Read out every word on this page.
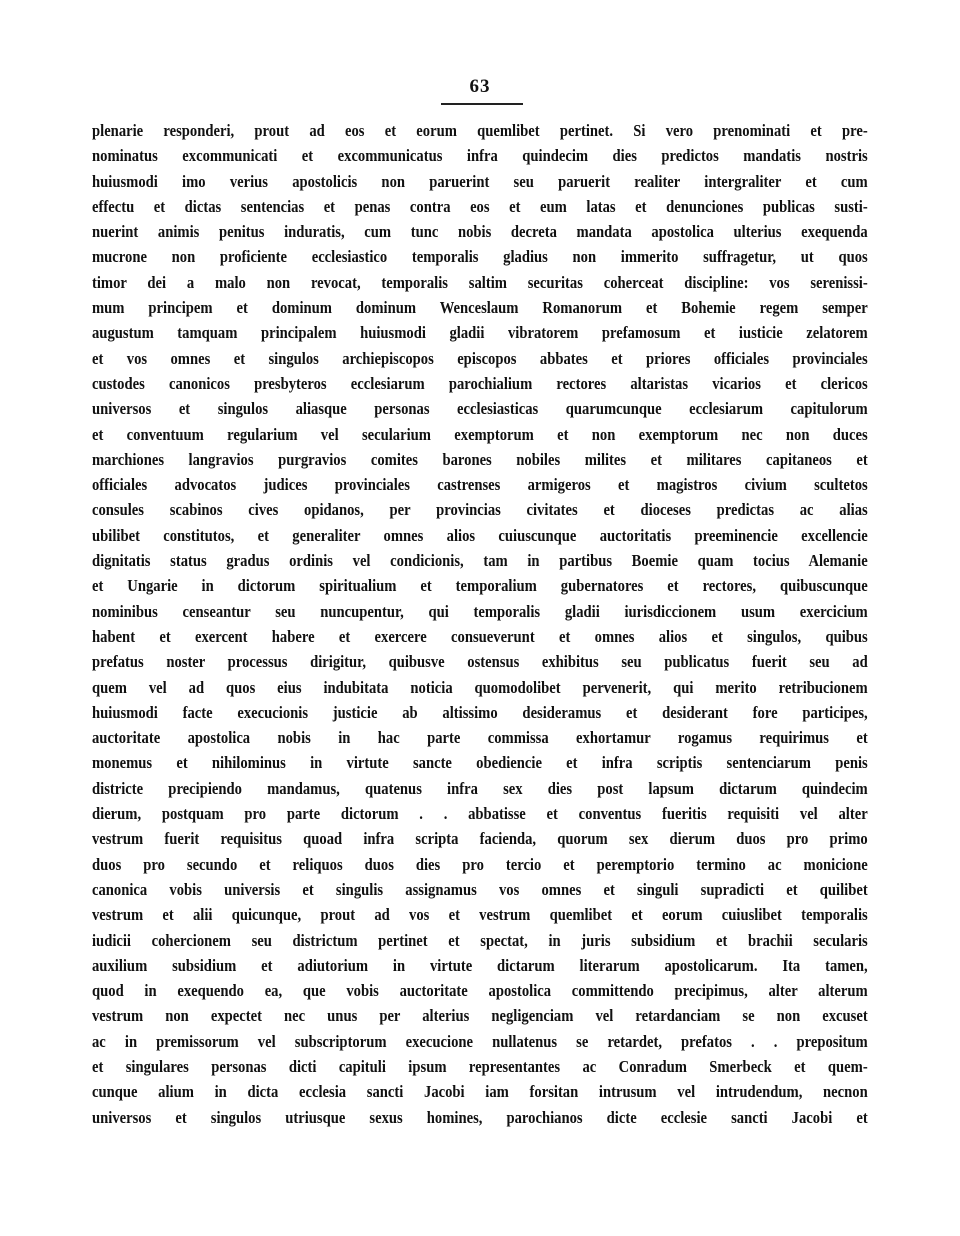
63
plenarie responderi, prout ad eos et eorum quemlibet pertinet. Si vero prenominati et pre-
nominatus excommunicati et excommunicatus infra quindecim dies predictos mandatis nostris
huiusmodi imo verius apostolicis non paruerint seu paruerit realiter intergraliter et cum
effectu et dictas sentencias et penas contra eos et eum latas et denunciones publicas susti-
nuerint animis penitus induratis, cum tunc nobis decreta mandata apostolica ulterius exequenda
mucrone non proficiente ecclesiastico temporalis gladius non immerito suffragetur, ut quos
timor dei a malo non revocat, temporalis saltim securitas coherceat discipline: vos serenissi-
mum principem et dominum dominum Wenceslaum Romanorum et Bohemie regem semper
augustum tamquam principalem huiusmodi gladii vibratorem prefamosum et iusticie zelatorem
et vos omnes et singulos archiepiscopos episcopos abbates et priores officiales provinciales
custodes canonicos presbyteros ecclesiarum parochialium rectores altaristas vicarios et clericos
universos et singulos aliasque personas ecclesiasticas quarumcunque ecclesiarum capitulorum
et conventuum regularium vel secularium exemptorum et non exemptorum nec non duces
marchiones langravios purgravios comites barones nobiles milites et militares capitaneos et
officiales advocatos judices provinciales castrenses armigeros et magistros civium scultetos
consules scabinos cives opidanos, per provincias civitates et dioceses predictas ac alias
ubilibet constitutos, et generaliter omnes alios cuiuscunque auctoritatis preeminencie excellencie
dignitatis status gradus ordinis vel condicionis, tam in partibus Boemie quam tocius Alemanie
et Ungarie in dictorum spiritualium et temporalium gubernatores et rectores, quibuscunque
nominibus censeantur seu nuncupentur, qui temporalis gladii iurisdiccionem usum exercicium
habent et exercent habere et exercere consueverunt et omnes alios et singulos, quibus
prefatus noster processus dirigitur, quibusve ostensus exhibitus seu publicatus fuerit seu ad
quem vel ad quos eius indubitata noticia quomodolibet pervenerit, qui merito retribucionem
huiusmodi facte execucionis justicie ab altissimo desideramus et desiderant fore participes,
auctoritate apostolica nobis in hac parte commissa exhortamur rogamus requirimus et
monemus et nihilominus in virtute sancte obediencie et infra scriptis sentenciarum penis
districte precipiendo mandamus, quatenus infra sex dies post lapsum dictarum quindecim
dierum, postquam pro parte dictorum . . abbatisse et conventus fueritis requisiti vel alter
vestrum fuerit requisitus quoad infra scripta facienda, quorum sex dierum duos pro primo
duos pro secundo et reliquos duos dies pro tercio et peremptorio termino ac monicione
canonica vobis universis et singulis assignamus vos omnes et singuli supradicti et quilibet
vestrum et alii quicunque, prout ad vos et vestrum quemlibet et eorum cuiuslibet temporalis
iudicii cohercionem seu districtum pertinet et spectat, in juris subsidium et brachii secularis
auxilium subsidium et adiutorium in virtute dictarum literarum apostolicarum. Ita tamen,
quod in exequendo ea, que vobis auctoritate apostolica committendo precipimus, alter alterum
vestrum non expectet nec unus per alterius negligenciam vel retardanciam se non excuset
ac in premissorum vel subscriptorum execucione nullatenus se retardet, prefatos . . prepositum
et singulares personas dicti capituli ipsum representantes ac Conradum Smerbeck et quem-
cunque alium in dicta ecclesia sancti Jacobi iam forsitan intrusum vel intrudendum, necnon
universos et singulos utriusque sexus homines, parochianos dicte ecclesie sancti Jacobi et
